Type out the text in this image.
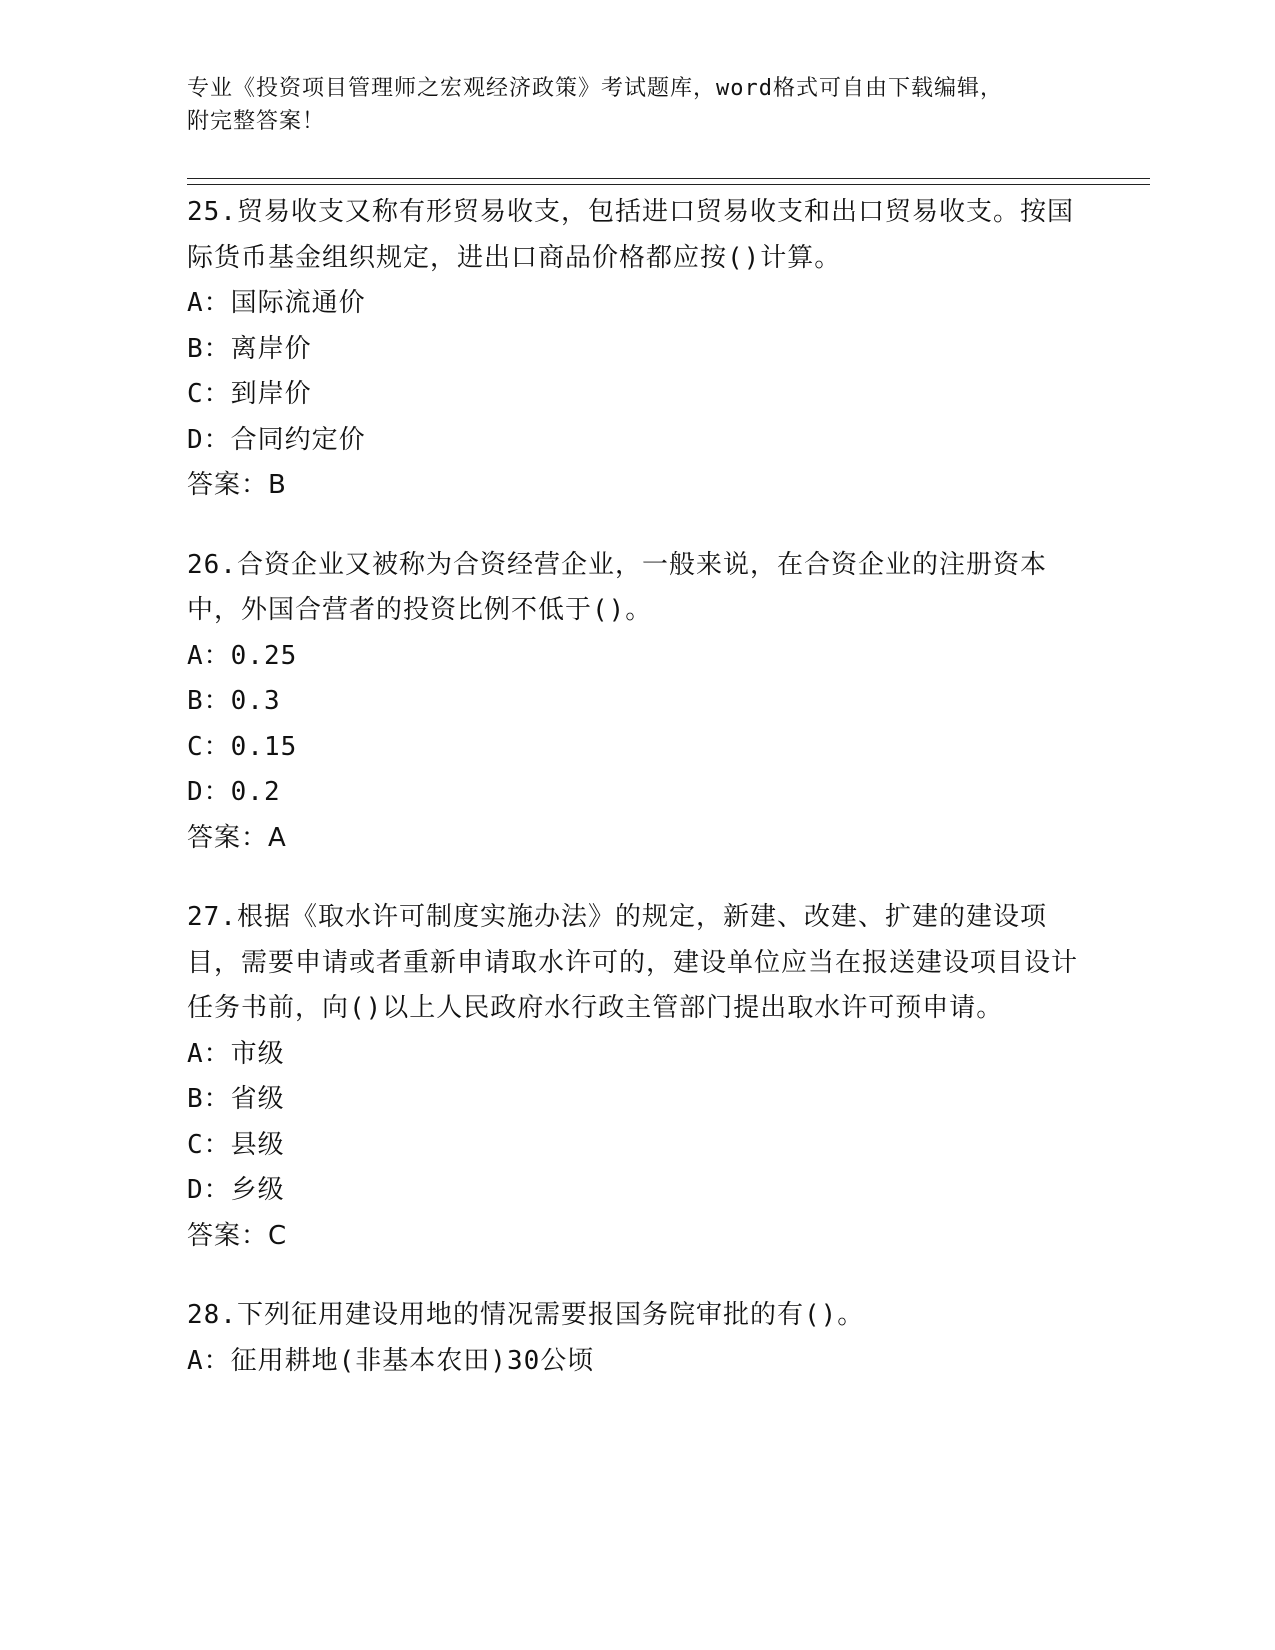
专业《投资项目管理师之宏观经济政策》考试题库，word格式可自由下载编辑，
附完整答案！
25.贸易收支又称有形贸易收支，包括进口贸易收支和出口贸易收支。按国际货币基金组织规定，进出口商品价格都应按()计算。
A：国际流通价
B：离岸价
C：到岸价
D：合同约定价
答案：B
26.合资企业又被称为合资经营企业，一般来说，在合资企业的注册资本中，外国合营者的投资比例不低于()。
A：0.25
B：0.3
C：0.15
D：0.2
答案：A
27.根据《取水许可制度实施办法》的规定，新建、改建、扩建的建设项目，需要申请或者重新申请取水许可的，建设单位应当在报送建设项目设计任务书前，向()以上人民政府水行政主管部门提出取水许可预申请。
A：市级
B：省级
C：县级
D：乡级
答案：C
28.下列征用建设用地的情况需要报国务院审批的有()。
A：征用耕地(非基本农田)30公顷
